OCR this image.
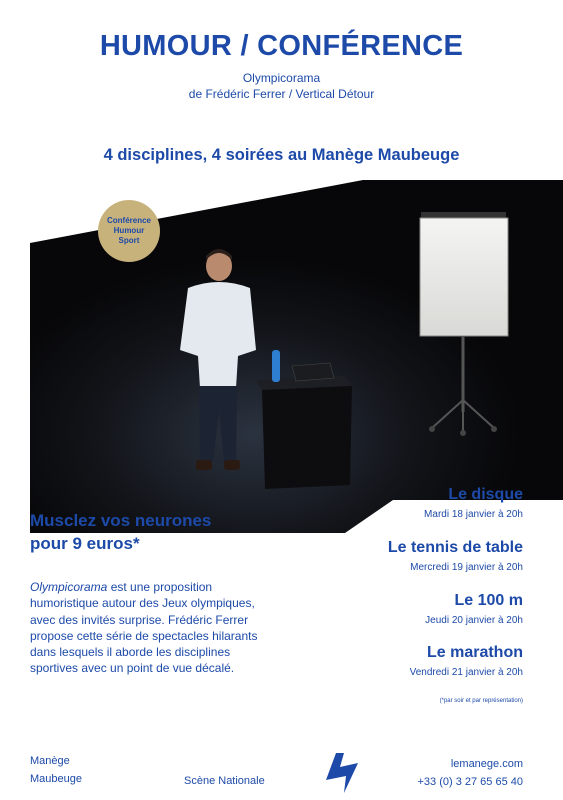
HUMOUR / CONFÉRENCE
Olympicorama
de Frédéric Ferrer / Vertical Détour
4 disciplines, 4 soirées au Manège Maubeuge
Conférence
Humour
Sport
Musclez vos neurones
pour 9 euros*
Olympicorama est une proposition humoristique autour des Jeux olympiques, avec des invités surprise. Frédéric Ferrer propose cette série de spectacles hilarants dans lesquels il aborde les disciplines sportives avec un point de vue décalé.
Le disque
Mardi 18 janvier à 20h
Le tennis de table
Mercredi 19 janvier à 20h
Le 100 m
Jeudi 20 janvier à 20h
Le marathon
Vendredi 21 janvier à 20h
(*par soir et par représentation)
Manège
Maubeuge	Scène Nationale
lemanege.com
+33 (0) 3 27 65 65 40
